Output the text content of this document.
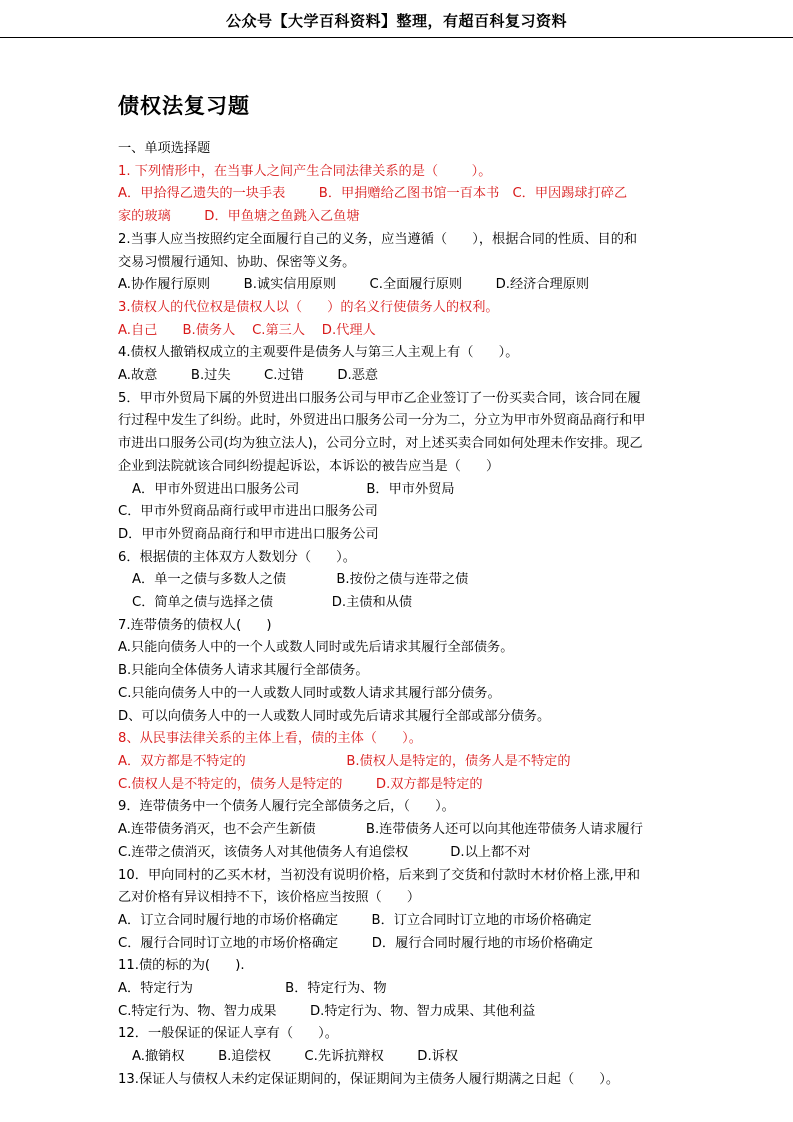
公众号【大学百科资料】整理，有超百科复习资料
债权法复习题
一、单项选择题
1. 下列情形中，在当事人之间产生合同法律关系的是（        ）。
A．甲拾得乙遗失的一块手表        B．甲捐赠给乙图书馆一百本书　C．甲因踢球打碎乙
家的玻璃        D．甲鱼塘之鱼跳入乙鱼塘
2.当事人应当按照约定全面履行自己的义务，应当遵循（      ），根据合同的性质、目的和
交易习惯履行通知、协助、保密等义务。
A.协作履行原则        B.诚实信用原则        C.全面履行原则        D.经济合理原则
3.债权人的代位权是债权人以（      ）的名义行使债务人的权利。
A.自己      B.债务人    C.第三人    D.代理人
4.债权人撤销权成立的主观要件是债务人与第三人主观上有（      ）。
A.故意        B.过失        C.过错        D.恶意
5．甲市外贸局下属的外贸进出口服务公司与甲市乙企业签订了一份买卖合同，该合同在履
行过程中发生了纠纷。此时，外贸进出口服务公司一分为二，分立为甲市外贸商品商行和甲
市进出口服务公司(均为独立法人)，公司分立时，对上述买卖合同如何处理未作安排。现乙
企业到法院就该合同纠纷提起诉讼，本诉讼的被告应当是（      ）
A．甲市外贸进出口服务公司                B．甲市外贸局
C．甲市外贸商品商行或甲市进出口服务公司
D．甲市外贸商品商行和甲市进出口服务公司
6．根据债的主体双方人数划分（      ）。
A．单一之债与多数人之债            B.按份之债与连带之债
C．简单之债与选择之债              D.主债和从债
7.连带债务的债权人(      )
A.只能向债务人中的一个人或数人同时或先后请求其履行全部债务。
B.只能向全体债务人请求其履行全部债务。
C.只能向债务人中的一人或数人同时或数人请求其履行部分债务。
D、可以向债务人中的一人或数人同时或先后请求其履行全部或部分债务。
8、从民事法律关系的主体上看，债的主体（      ）。
A．双方都是不特定的                        B.债权人是特定的，债务人是不特定的
C.债权人是不特定的，债务人是特定的        D.双方都是特定的
9．连带债务中一个债务人履行完全部债务之后，（      ）。
A.连带债务消灭，也不会产生新债            B.连带债务人还可以向其他连带债务人请求履行
C.连带之债消灭，该债务人对其他债务人有追偿权          D.以上都不对
10．甲向同村的乙买木材，当初没有说明价格，后来到了交货和付款时木材价格上涨,甲和
乙对价格有异议相持不下，该价格应当按照（      ）
A．订立合同时履行地的市场价格确定        B．订立合同时订立地的市场价格确定
C．履行合同时订立地的市场价格确定        D．履行合同时履行地的市场价格确定
11.债的标的为(      ).
A．特定行为                      B．特定行为、物
C.特定行为、物、智力成果        D.特定行为、物、智力成果、其他利益
12．一般保证的保证人享有（      ）。
A.撤销权        B.追偿权        C.先诉抗辩权        D.诉权
13.保证人与债权人未约定保证期间的，保证期间为主债务人履行期满之日起（      ）。
